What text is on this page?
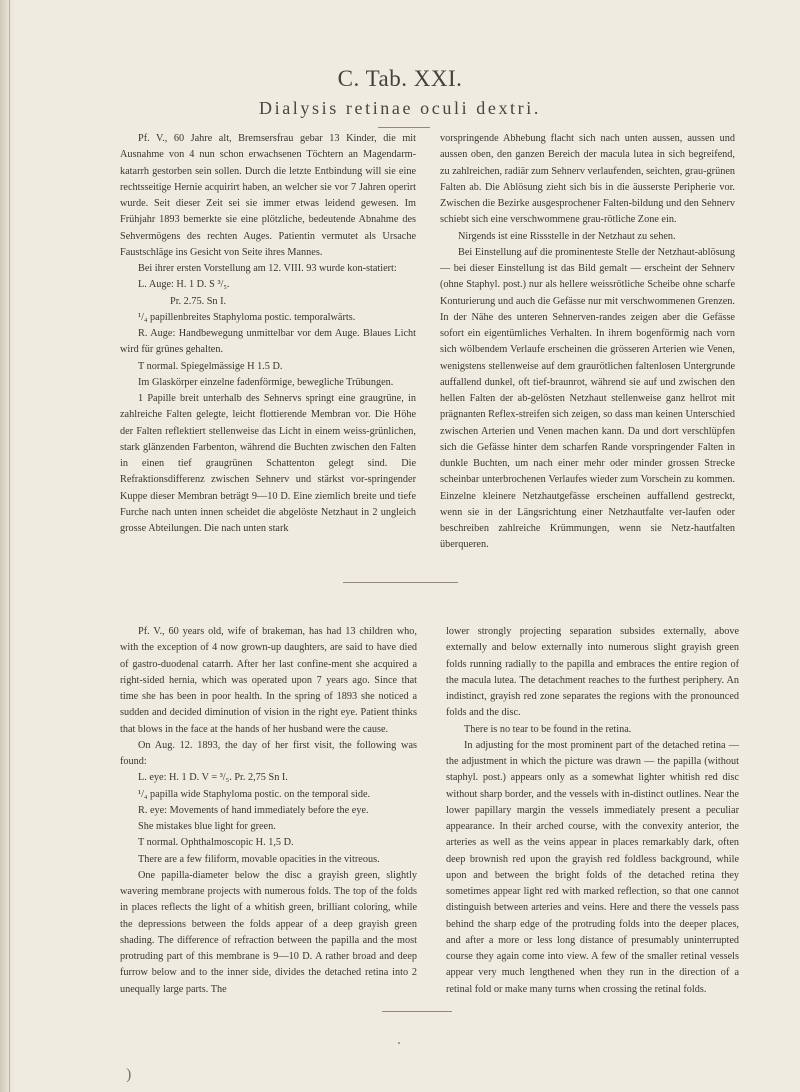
C. Tab. XXI.
Dialysis retinae oculi dextri.

Pf. V., 60 Jahre alt, Bremsersfrau gebar 13 Kinder, die mit Ausnahme von 4 nun schon erwachsenen Töchtern an Magendarm-katarrh gestorben sein sollen. Durch die letzte Entbindung will sie eine rechtsseitige Hernie acquirirt haben, an welcher sie vor 7 Jahren operirt wurde. Seit dieser Zeit sei sie immer etwas leidend gewesen. Im Frühjahr 1893 bemerkte sie eine plötzliche, bedeutende Abnahme des Sehvermögens des rechten Auges. Patientin vermutet als Ursache Faustschläge ins Gesicht von Seite ihres Mannes.

Bei ihrer ersten Vorstellung am 12. VIII. 93 wurde kon-statiert:

L. Auge: H. 1 D. S ³/₅.

Pr. 2.75. Sn I.

¹/₄ papillenbreites Staphyloma postic. temporalwärts.

R. Auge: Handbewegung unmittelbar vor dem Auge. Blaues Licht wird für grünes gehalten.

T normal. Spiegelmässige H 1.5 D.

Im Glaskörper einzelne fadenförmige, bewegliche Trübungen.

1 Papille breit unterhalb des Sehnervs springt eine graugrüne, in zahlreiche Falten gelegte, leicht flottierende Membran vor. Die Höhe der Falten reflektiert stellenweise das Licht in einem weiss-grünlichen, stark glänzenden Farbenton, während die Buchten zwischen den Falten in einen tief graugrünen Schattenton gelegt sind. Die Refraktionsdifferenz zwischen Sehnerv und stärkst vor-springender Kuppe dieser Membran beträgt 9—10 D. Eine ziemlich breite und tiefe Furche nach unten innen scheidet die abgelöste Netzhaut in 2 ungleich grosse Abteilungen. Die nach unten stark

vorspringende Abhebung flacht sich nach unten aussen, aussen und aussen oben, den ganzen Bereich der macula lutea in sich begreifend, zu zahlreichen, radiär zum Sehnerv verlaufenden, seichten, grau-grünen Falten ab. Die Ablösung zieht sich bis in die äusserste Peripherie vor. Zwischen die Bezirke ausgesprochener Falten-bildung und den Sehnerv schiebt sich eine verschwommene grau-rötliche Zone ein.

Nirgends ist eine Rissstelle in der Netzhaut zu sehen.

Bei Einstellung auf die prominenteste Stelle der Netzhaut-ablösung — bei dieser Einstellung ist das Bild gemalt — erscheint der Sehnerv (ohne Staphyl. post.) nur als hellere weissrötliche Scheibe ohne scharfe Konturierung und auch die Gefässe nur mit verschwommenen Grenzen. In der Nähe des unteren Sehnerven-randes zeigen aber die Gefässe sofort ein eigentümliches Verhalten. In ihrem bogenförmig nach vorn sich wölbendem Verlaufe erscheinen die grösseren Arterien wie Venen, wenigstens stellenweise auf dem graurötlichen faltenlosen Untergrunde auffallend dunkel, oft tief-braunrot, während sie auf und zwischen den hellen Falten der ab-gelösten Netzhaut stellenweise ganz hellrot mit prägnanten Reflex-streifen sich zeigen, so dass man keinen Unterschied zwischen Arterien und Venen machen kann. Da und dort verschlüpfen sich die Gefässe hinter dem scharfen Rande vorspringender Falten in dunkle Buchten, um nach einer mehr oder minder grossen Strecke scheinbar unterbrochenen Verlaufes wieder zum Vorschein zu kommen. Einzelne kleinere Netzhautgefässe erscheinen auffallend gestreckt, wenn sie in der Längsrichtung einer Netzhautfalte ver-laufen oder beschreiben zahlreiche Krümmungen, wenn sie Netz-hautfalten überqueren.

Pf. V., 60 years old, wife of brakeman, has had 13 children who, with the exception of 4 now grown-up daughters, are said to have died of gastro-duodenal catarrh. After her last confine-ment she acquired a right-sided hernia, which was operated upon 7 years ago. Since that time she has been in poor health. In the spring of 1893 she noticed a sudden and decided diminution of vision in the right eye. Patient thinks that blows in the face at the hands of her husband were the cause.

On Aug. 12. 1893, the day of her first visit, the following was found:

L. eye: H. 1 D. V = ³/₅. Pr. 2,75 Sn I.

¹/₄ papilla wide Staphyloma postic. on the temporal side.

R. eye: Movements of hand immediately before the eye.

She mistakes blue light for green.

T normal. Ophthalmoscopic H. 1,5 D.

There are a few filiform, movable opacities in the vitreous.

One papilla-diameter below the disc a grayish green, slightly wavering membrane projects with numerous folds. The top of the folds in places reflects the light of a whitish green, brilliant coloring, while the depressions between the folds appear of a deep grayish green shading. The difference of refraction between the papilla and the most protruding part of this membrane is 9—10 D. A rather broad and deep furrow below and to the inner side, divides the detached retina into 2 unequally large parts. The

lower strongly projecting separation subsides externally, above externally and below externally into numerous slight grayish green folds running radially to the papilla and embraces the entire region of the macula lutea. The detachment reaches to the furthest periphery. An indistinct, grayish red zone separates the regions with the pronounced folds and the disc.

There is no tear to be found in the retina.

In adjusting for the most prominent part of the detached retina — the adjustment in which the picture was drawn — the papilla (without staphyl. post.) appears only as a somewhat lighter whitish red disc without sharp border, and the vessels with in-distinct outlines. Near the lower papillary margin the vessels immediately present a peculiar appearance. In their arched course, with the convexity anterior, the arteries as well as the veins appear in places remarkably dark, often deep brownish red upon the grayish red foldless background, while upon and between the bright folds of the detached retina they sometimes appear light red with marked reflection, so that one cannot distinguish between arteries and veins. Here and there the vessels pass behind the sharp edge of the protruding folds into the deeper places, and after a more or less long distance of presumably uninterrupted course they again come into view. A few of the smaller retinal vessels appear very much lengthened when they run in the direction of a retinal fold or make many turns when crossing the retinal folds.

)
